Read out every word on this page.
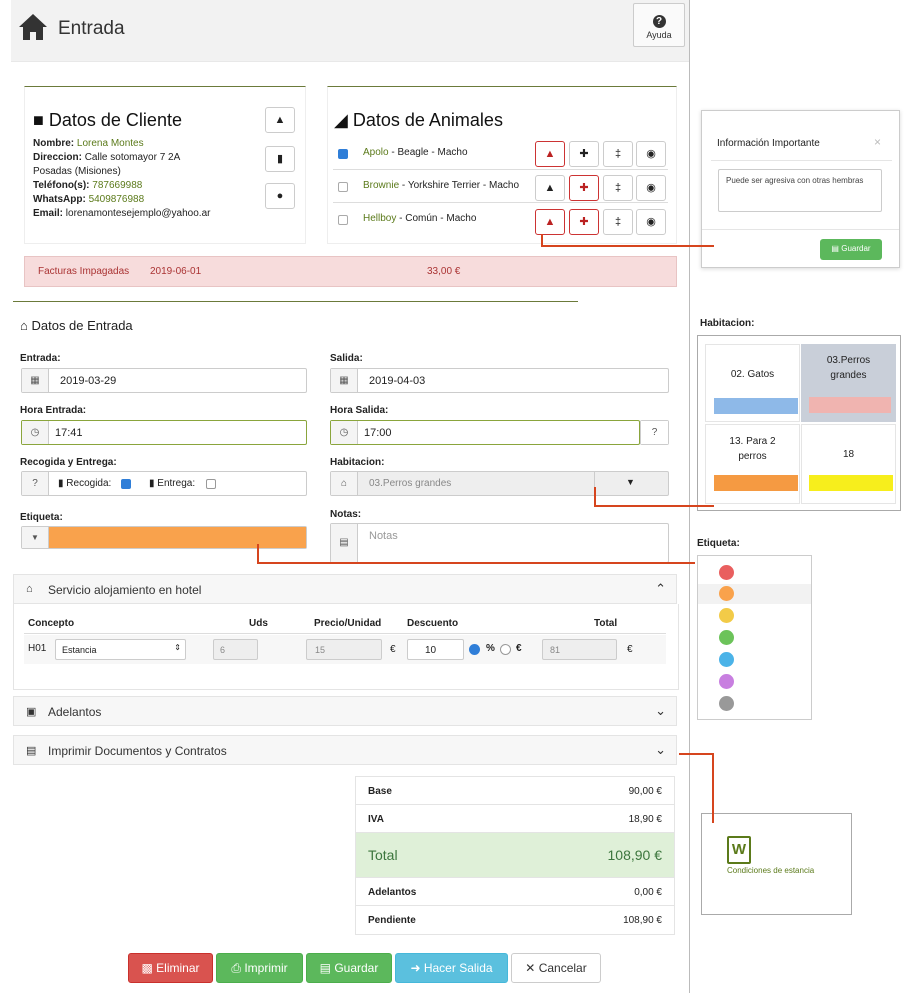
Entrada	?
Ayuda
■ Datos de Cliente
Nombre: Lorena Montes
Direccion: Calle sotomayor 7 2A
Posadas (Misiones)
Teléfono(s): 787669988
WhatsApp: 5409876988
Email: lorenamontesejemplo@yahoo.ar
▲
▮
●
◢ Datos de Animales
Apolo - Beagle - Macho
Brownie - Yorkshire Terrier - Macho
Hellboy - Común - Macho
▲	✚	‡	◉
▲	✚	‡	◉
▲	✚	‡	◉
Facturas Impagadas 2019-06-01	33,00 €
⌂ Datos de Entrada
Entrada:
▦	2019-03-29
Salida:
▦	2019-04-03
Hora Entrada:
◷	17:41
Hora Salida:
◷	17:00	?
Recogida y Entrega:
?	▮ Recogida:	▮ Entrega:
Habitacion:
⌂	03.Perros grandes	▼
Etiqueta:
▼
Notas:
▤
Notas
⌂ Servicio alojamiento en hotel	⌃
Concepto	Uds	Precio/Unidad	Descuento	Total
H01 Estancia	⇕	6	15	€	10	% €	81	€
▣ Adelantos	⌄
▤ Imprimir Documentos y Contratos	⌄
Base	90,00 €
IVA	18,90 €
Total	108,90 €
Adelantos	0,00 €
Pendiente	108,90 €
▩ Eliminar	⎙ Imprimir	▤ Guardar	➜ Hacer Salida	✕ Cancelar
Información Importante	×
Puede ser agresiva con otras hembras
▤ Guardar
Habitacion:
02. Gatos
03.Perros grandes
13. Para 2 perros	18
Etiqueta:
W
Condiciones de estancia
